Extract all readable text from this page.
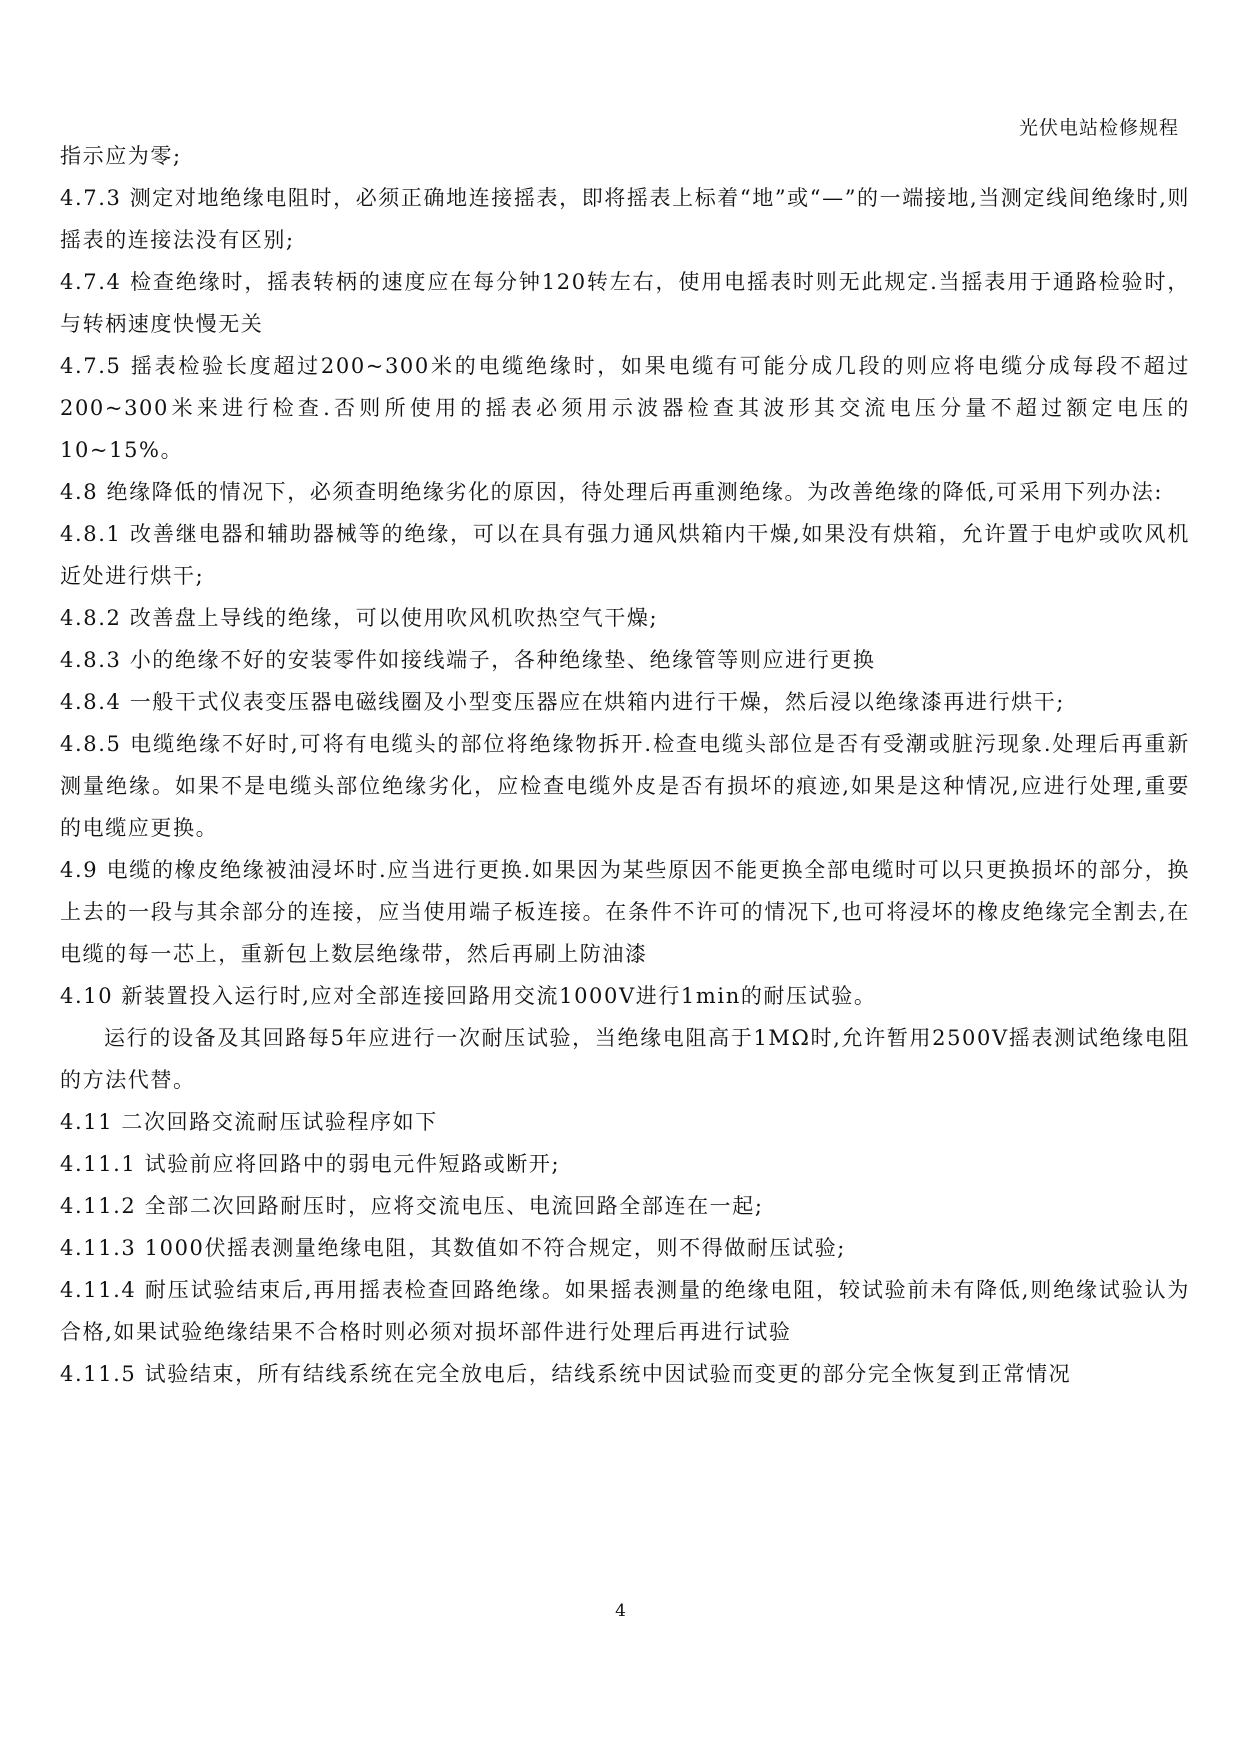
光伏电站检修规程

指示应为零;

4.7.3 测定对地绝缘电阻时，必须正确地连接摇表，即将摇表上标着“地”或“—”的一端接地,当测定线间绝缘时,则摇表的连接法没有区别;

4.7.4 检查绝缘时，摇表转柄的速度应在每分钟120转左右，使用电摇表时则无此规定.当摇表用于通路检验时，与转柄速度快慢无关

4.7.5 摇表检验长度超过200~300米的电缆绝缘时，如果电缆有可能分成几段的则应将电缆分成每段不超过200~300米来进行检查.否则所使用的摇表必须用示波器检查其波形其交流电压分量不超过额定电压的10~15%。

4.8 绝缘降低的情况下，必须查明绝缘劣化的原因，待处理后再重测绝缘。为改善绝缘的降低,可采用下列办法:

4.8.1 改善继电器和辅助器械等的绝缘，可以在具有强力通风烘箱内干燥,如果没有烘箱，允许置于电炉或吹风机近处进行烘干;

4.8.2 改善盘上导线的绝缘，可以使用吹风机吹热空气干燥;

4.8.3 小的绝缘不好的安装零件如接线端子，各种绝缘垫、绝缘管等则应进行更换

4.8.4 一般干式仪表变压器电磁线圈及小型变压器应在烘箱内进行干燥，然后浸以绝缘漆再进行烘干;

4.8.5 电缆绝缘不好时,可将有电缆头的部位将绝缘物拆开.检查电缆头部位是否有受潮或脏污现象.处理后再重新测量绝缘。如果不是电缆头部位绝缘劣化，应检查电缆外皮是否有损坏的痕迹,如果是这种情况,应进行处理,重要的电缆应更换。

4.9 电缆的橡皮绝缘被油浸坏时.应当进行更换.如果因为某些原因不能更换全部电缆时可以只更换损坏的部分，换上去的一段与其余部分的连接，应当使用端子板连接。在条件不许可的情况下,也可将浸坏的橡皮绝缘完全割去,在电缆的每一芯上，重新包上数层绝缘带，然后再刷上防油漆

4.10 新装置投入运行时,应对全部连接回路用交流1000V进行1min的耐压试验。

运行的设备及其回路每5年应进行一次耐压试验，当绝缘电阻高于1MΩ时,允许暂用2500V摇表测试绝缘电阻的方法代替。

4.11 二次回路交流耐压试验程序如下

4.11.1 试验前应将回路中的弱电元件短路或断开;

4.11.2 全部二次回路耐压时，应将交流电压、电流回路全部连在一起;

4.11.3 1000伏摇表测量绝缘电阻，其数值如不符合规定，则不得做耐压试验;

4.11.4 耐压试验结束后,再用摇表检查回路绝缘。如果摇表测量的绝缘电阻，较试验前未有降低,则绝缘试验认为合格,如果试验绝缘结果不合格时则必须对损坏部件进行处理后再进行试验

4.11.5 试验结束，所有结线系统在完全放电后，结线系统中因试验而变更的部分完全恢复到正常情况

4
